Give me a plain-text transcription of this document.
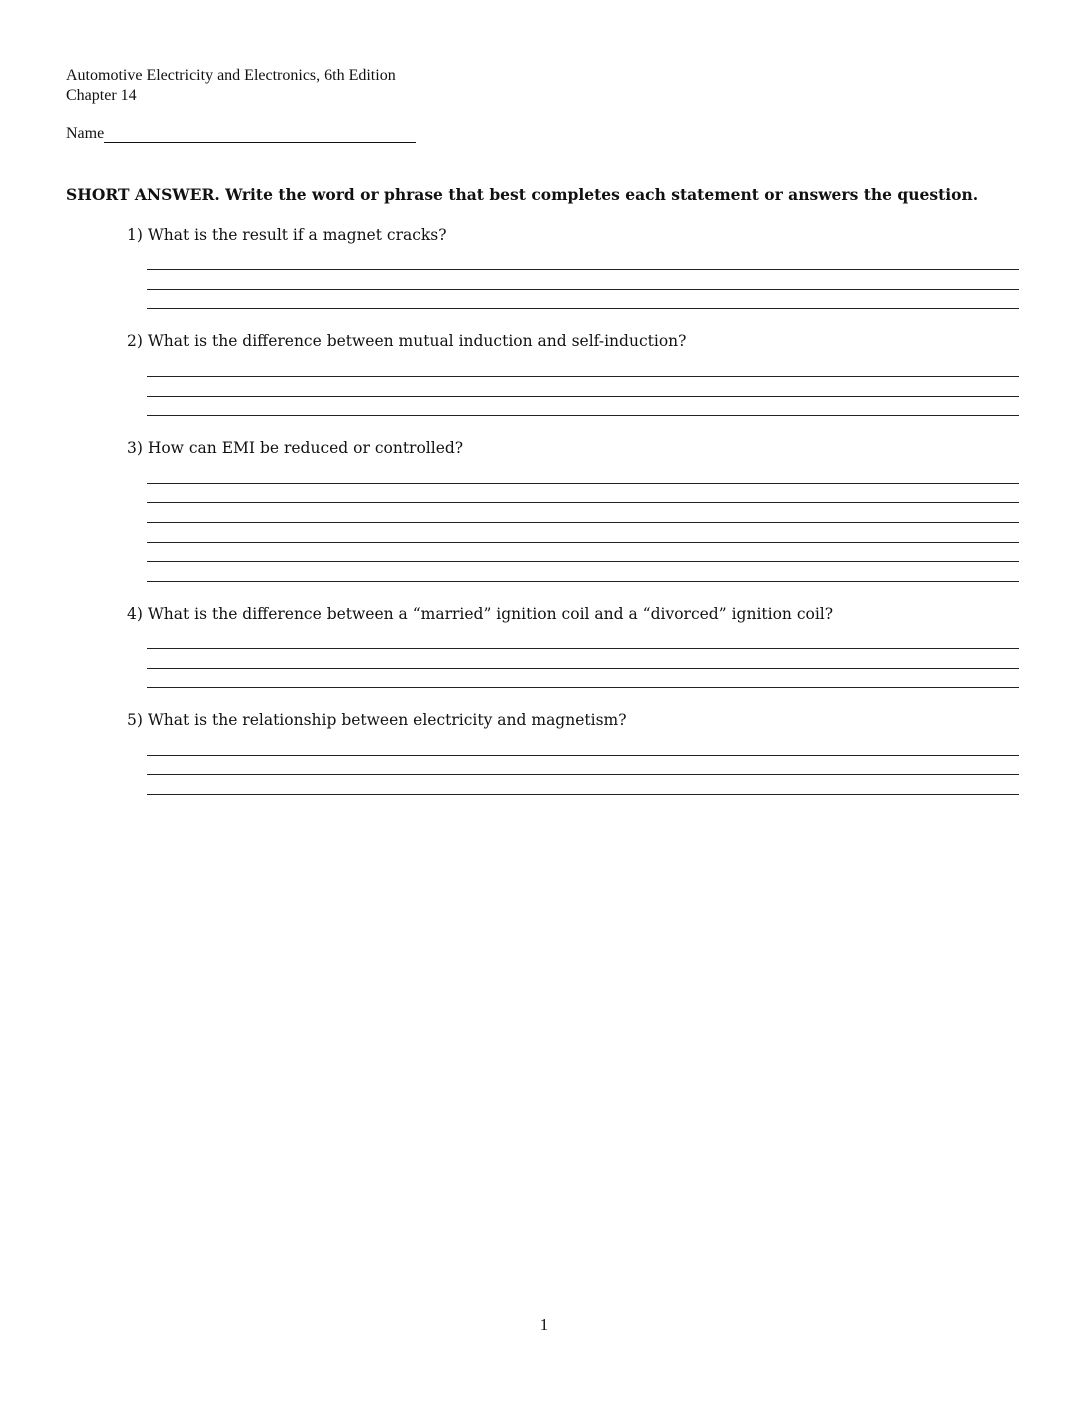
Automotive Electricity and Electronics, 6th Edition
Chapter 14
Name
SHORT ANSWER. Write the word or phrase that best completes each statement or answers the question.
1) What is the result if a magnet cracks?
2) What is the difference between mutual induction and self-induction?
3) How can EMI be reduced or controlled?
4) What is the difference between a “married” ignition coil and a “divorced” ignition coil?
5) What is the relationship between electricity and magnetism?
1
